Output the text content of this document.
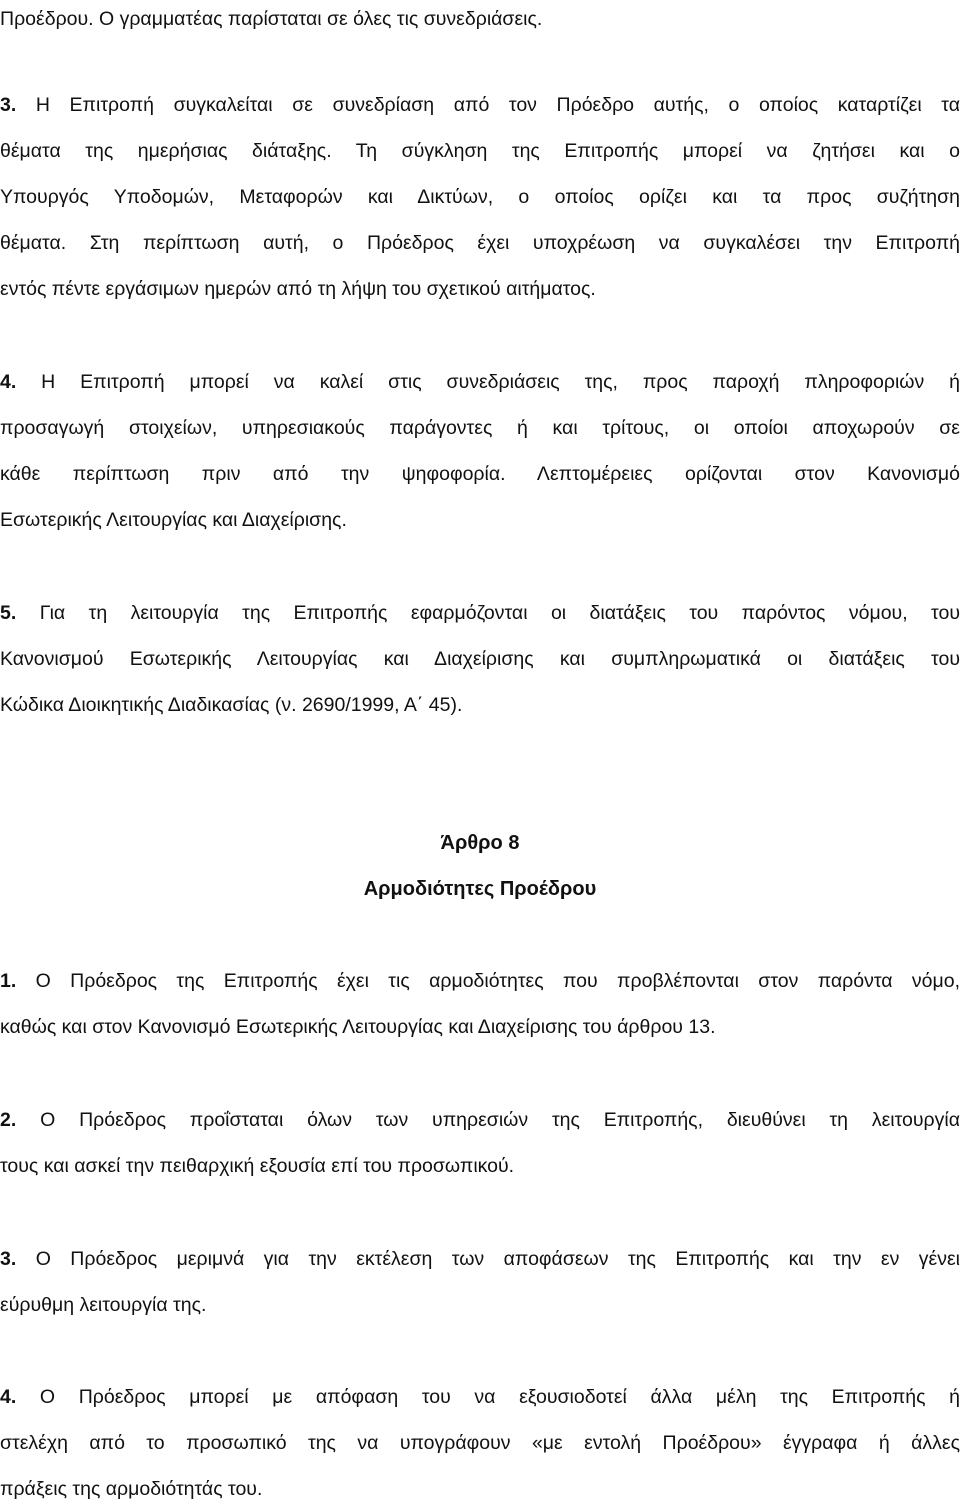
Προέδρου. Ο γραμματέας παρίσταται σε όλες τις συνεδριάσεις.
3. Η Επιτροπή συγκαλείται σε συνεδρίαση από τον Πρόεδρο αυτής, ο οποίος καταρτίζει τα
θέματα της ημερήσιας διάταξης. Τη σύγκληση της Επιτροπής μπορεί να ζητήσει και ο
Υπουργός Υποδομών, Μεταφορών και Δικτύων, ο οποίος ορίζει και τα προς συζήτηση
θέματα. Στη περίπτωση αυτή, ο Πρόεδρος έχει υποχρέωση να συγκαλέσει την Επιτροπή
εντός πέντε εργάσιμων ημερών από τη λήψη του σχετικού αιτήματος.
4. Η Επιτροπή μπορεί να καλεί στις συνεδριάσεις της, προς παροχή πληροφοριών ή
προσαγωγή στοιχείων, υπηρεσιακούς παράγοντες ή και τρίτους, οι οποίοι αποχωρούν σε
κάθε περίπτωση πριν από την ψηφοφορία. Λεπτομέρειες ορίζονται στον Κανονισμό
Εσωτερικής Λειτουργίας και Διαχείρισης.
5. Για τη λειτουργία της Επιτροπής εφαρμόζονται οι διατάξεις του παρόντος νόμου, του
Κανονισμού Εσωτερικής Λειτουργίας και Διαχείρισης και συμπληρωματικά οι διατάξεις του
Κώδικα Διοικητικής Διαδικασίας (ν. 2690/1999, Α΄ 45).
Άρθρο 8
Αρμοδιότητες Προέδρου
1. Ο Πρόεδρος της Επιτροπής έχει τις αρμοδιότητες που προβλέπονται στον παρόντα νόμο,
καθώς και στον Κανονισμό Εσωτερικής Λειτουργίας και Διαχείρισης του άρθρου 13.
2. Ο Πρόεδρος προΐσταται όλων των υπηρεσιών της Επιτροπής, διευθύνει τη λειτουργία
τους και ασκεί την πειθαρχική εξουσία επί του προσωπικού.
3. Ο Πρόεδρος μεριμνά για την εκτέλεση των αποφάσεων της Επιτροπής και την εν γένει
εύρυθμη λειτουργία της.
4. Ο Πρόεδρος μπορεί με απόφαση του να εξουσιοδοτεί άλλα μέλη της Επιτροπής ή
στελέχη από το προσωπικό της να υπογράφουν «με εντολή Προέδρου» έγγραφα ή άλλες
πράξεις της αρμοδιότητάς του.
